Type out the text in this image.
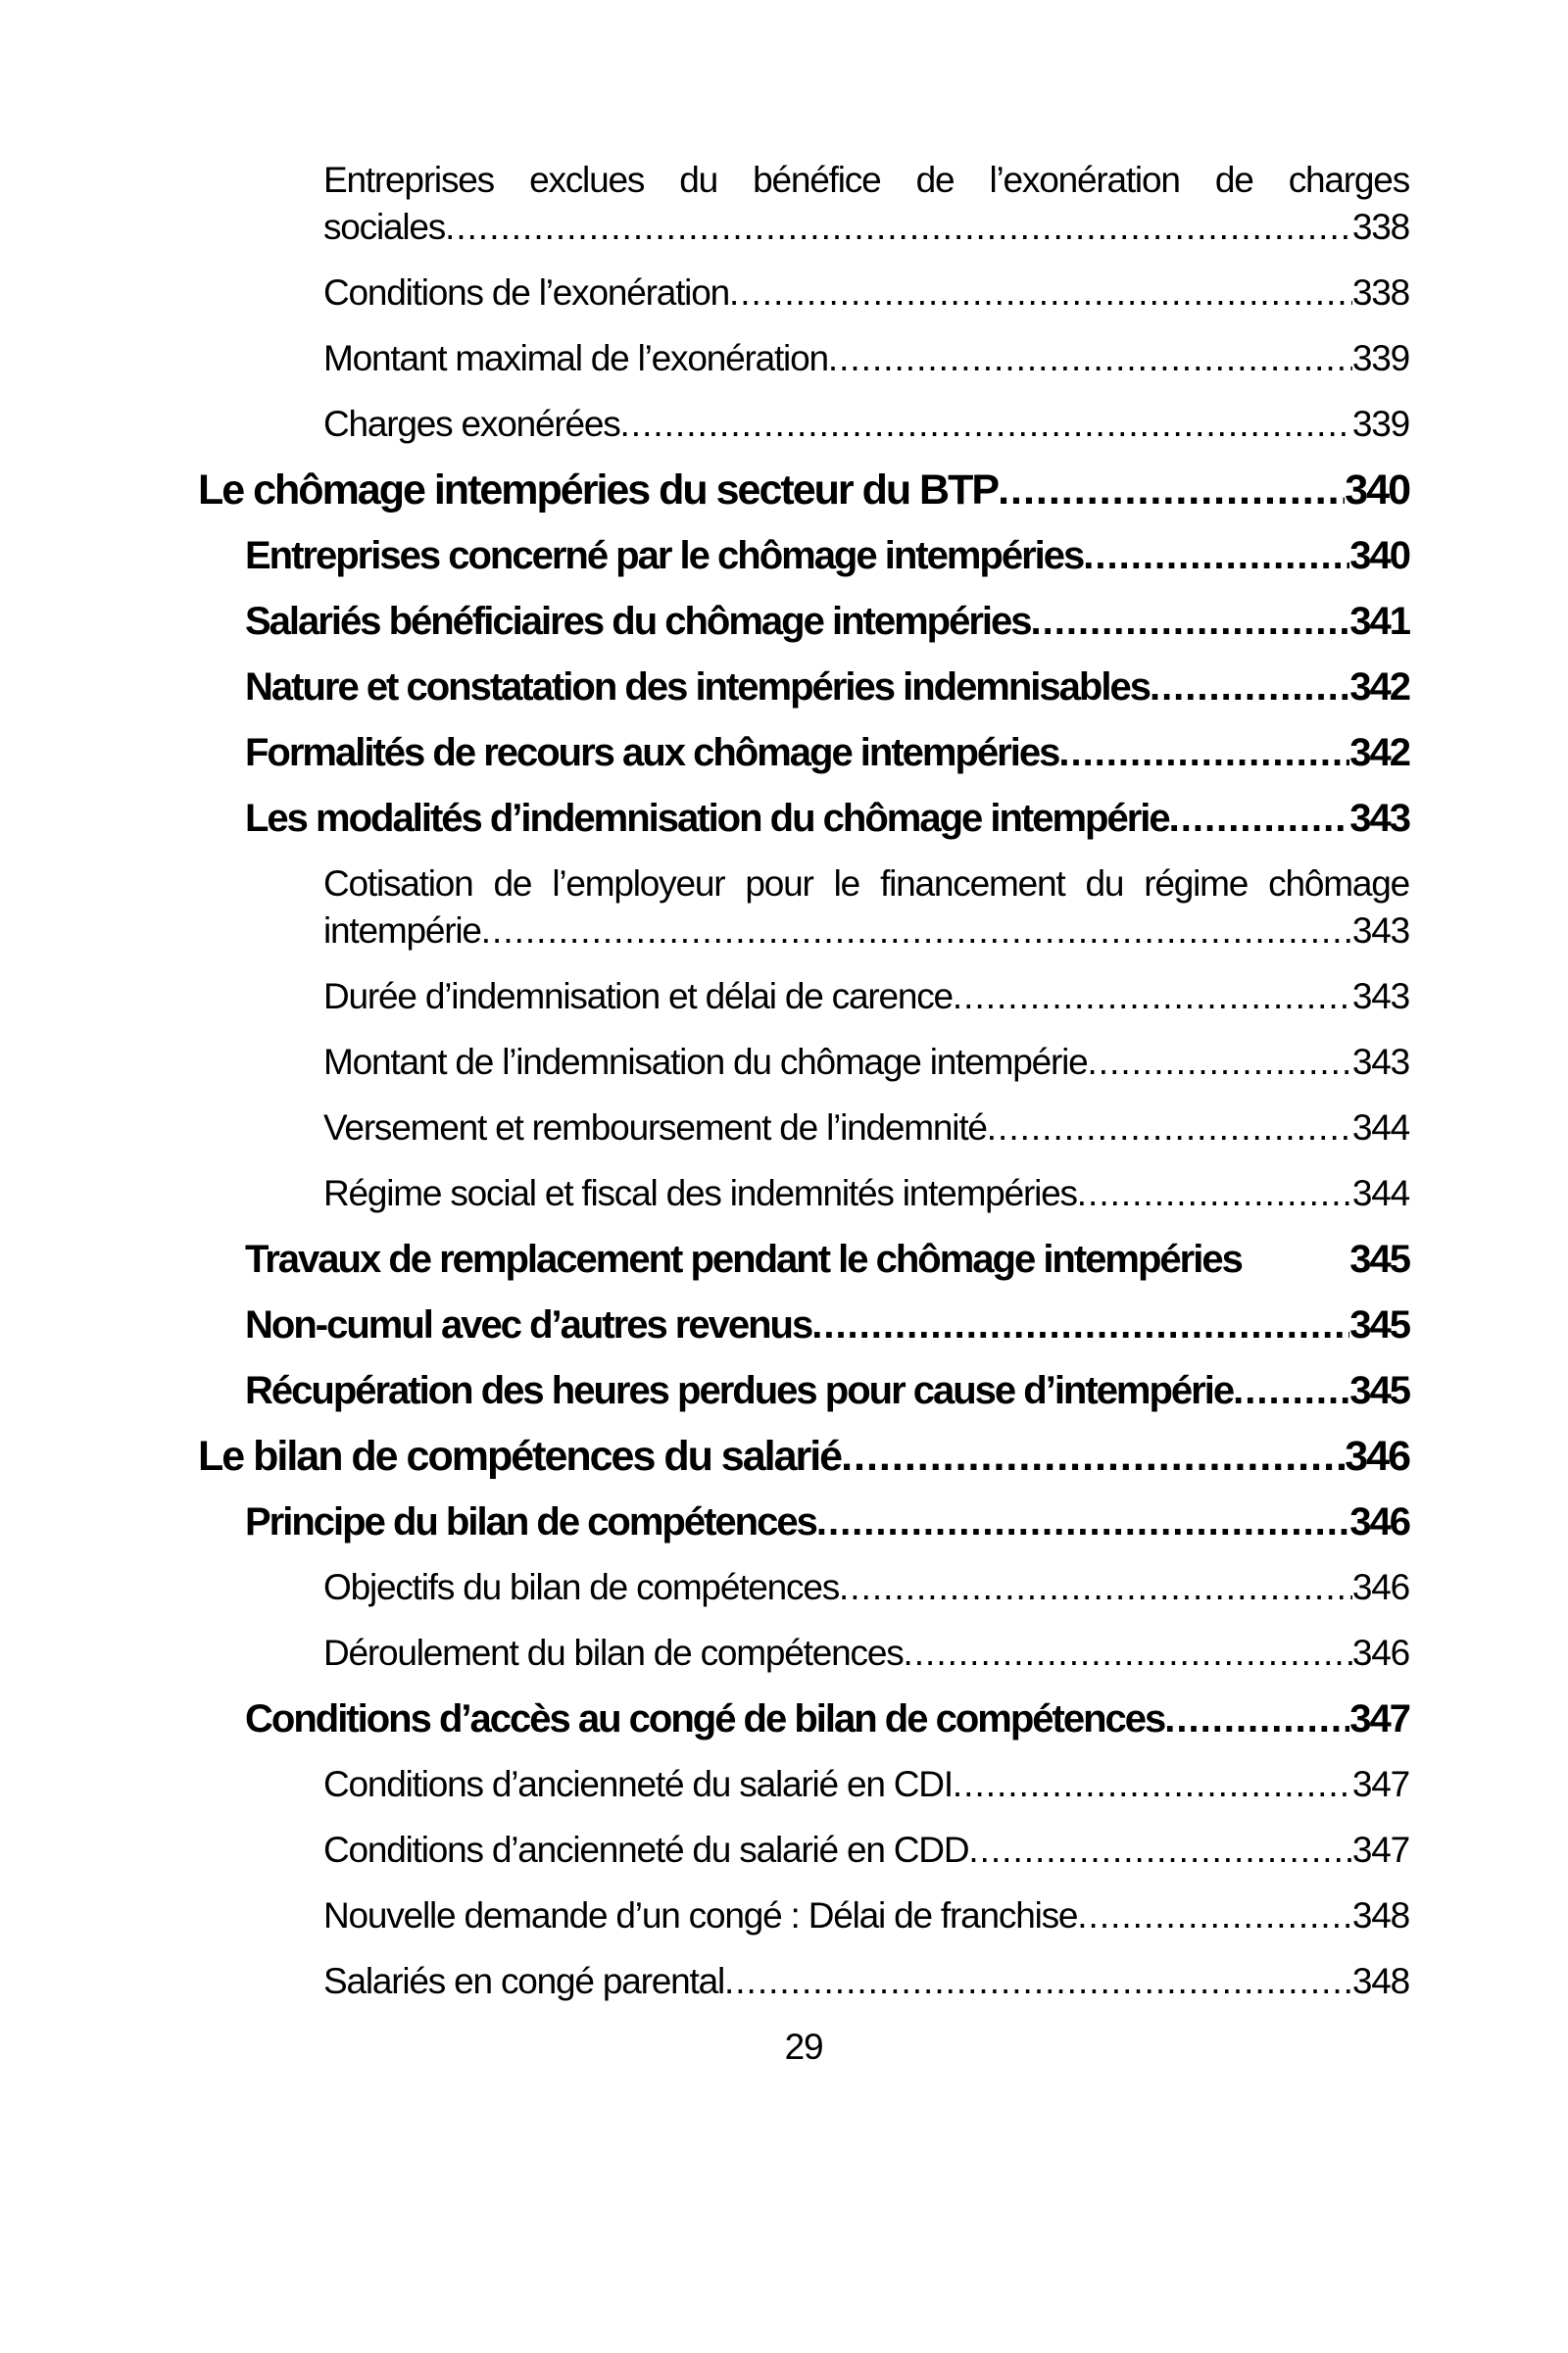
Entreprises exclues du bénéfice de l’exonération de charges
sociales .....	338
Conditions de l’exonération .....	338
Montant maximal de l’exonération .....	339
Charges exonérées .....	339
Le chômage intempéries du secteur du BTP .....	340
Entreprises concerné par le chômage intempéries .....	340
Salariés bénéficiaires du chômage intempéries .....	341
Nature et constatation des intempéries indemnisables .....	342
Formalités de recours aux chômage intempéries .....	342
Les modalités d’indemnisation du chômage intempérie .....	343
Cotisation de l’employeur pour le financement du régime chômage
intempérie .....	343
Durée d’indemnisation et délai de carence .....	343
Montant de l’indemnisation du chômage intempérie .....	343
Versement et remboursement de l’indemnité .....	344
Régime social et fiscal des indemnités intempéries .....	344
Travaux de remplacement pendant le chômage intempéries	345
Non-cumul avec d’autres revenus .....	345
Récupération des heures perdues pour cause d’intempérie .....	345
Le bilan de compétences du salarié .....	346
Principe du bilan de compétences .....	346
Objectifs du bilan de compétences .....	346
Déroulement du bilan de compétences .....	346
Conditions d’accès au congé de bilan de compétences .....	347
Conditions d’ancienneté du salarié en CDI .....	347
Conditions d’ancienneté du salarié en CDD .....	347
Nouvelle demande d’un congé : Délai de franchise .....	348
Salariés en congé parental .....	348
29
